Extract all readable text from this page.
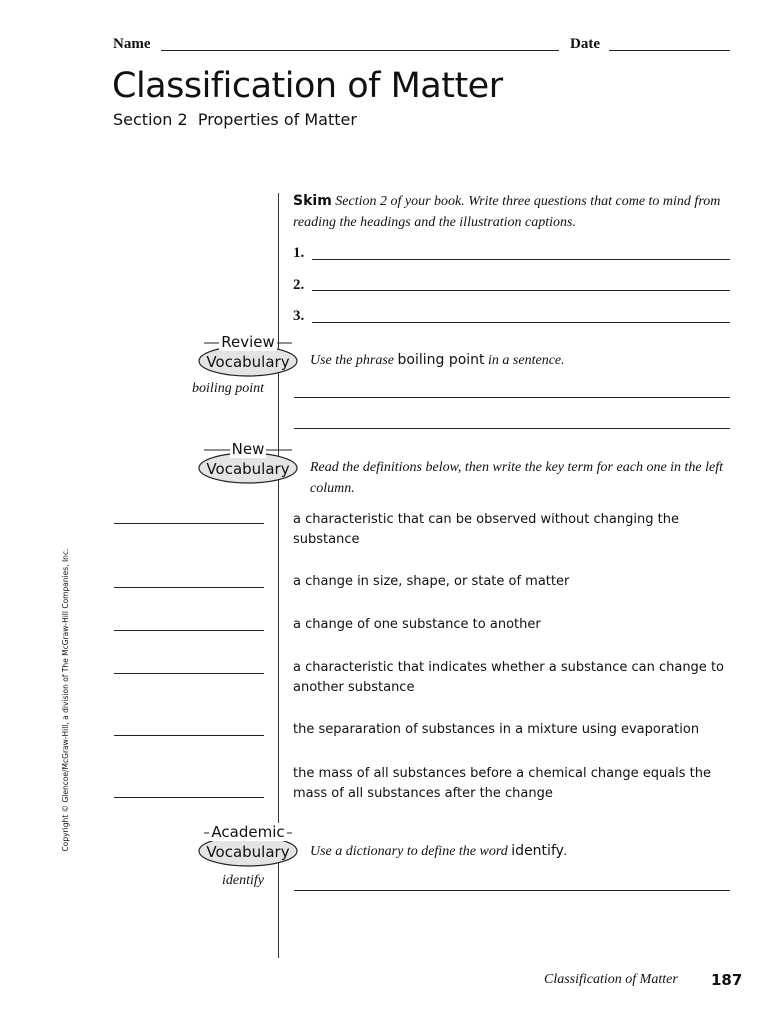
Name	Date
Classification of Matter
Section 2  Properties of Matter
Skim Section 2 of your book. Write three questions that come to mind from reading the headings and the illustration captions.
1.
2.
3.
Review
Vocabulary	Use the phrase boiling point in a sentence.
boiling point
New
Vocabulary	Read the definitions below, then write the key term for each one in the left column.
a characteristic that can be observed without changing the substance
a change in size, shape, or state of matter
a change of one substance to another
a characteristic that indicates whether a substance can change to another substance
the separaration of substances in a mixture using evaporation
the mass of all substances before a chemical change equals the mass of all substances after the change
Academic
Vocabulary	Use a dictionary to define the word identify.
identify
Copyright © Glencoe/McGraw-Hill, a division of The McGraw-Hill Companies, Inc.
Classification of Matter 187
